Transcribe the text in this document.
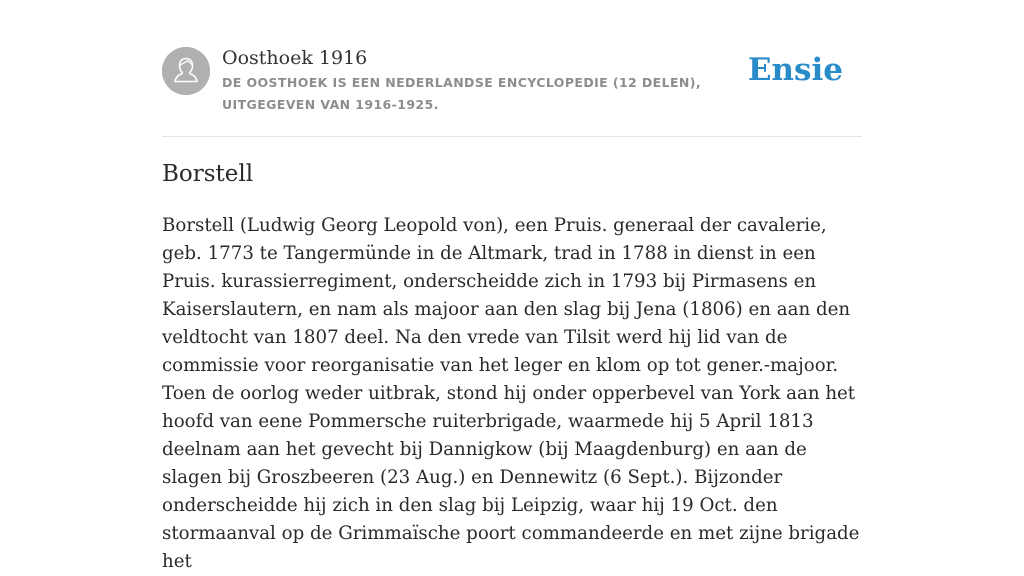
Oosthoek 1916
DE OOSTHOEK IS EEN NEDERLANDSE ENCYCLOPEDIE (12 DELEN), UITGEGEVEN VAN 1916-1925.
Ensie
Borstell

Borstell (Ludwig Georg Leopold von), een Pruis. generaal der cavalerie, geb. 1773 te Tangermünde in de Altmark, trad in 1788 in dienst in een Pruis. kurassierregiment, onderscheidde zich in 1793 bij Pirmasens en Kaiserslautern, en nam als majoor aan den slag bij Jena (1806) en aan den veldtocht van 1807 deel. Na den vrede van Tilsit werd hij lid van de commissie voor reorganisatie van het leger en klom op tot gener.-majoor. Toen de oorlog weder uitbrak, stond hij onder opperbevel van York aan het hoofd van eene Pommersche ruiterbrigade, waarmede hij 5 April 1813 deelnam aan het gevecht bij Dannigkow (bij Maagdenburg) en aan de slagen bij Groszbeeren (23 Aug.) en Dennewitz (6 Sept.). Bijzonder onderscheidde hij zich in den slag bij Leipzig, waar hij 19 Oct. den stormaanval op de Grimmaïsche poort commandeerde en met zijne brigade het
